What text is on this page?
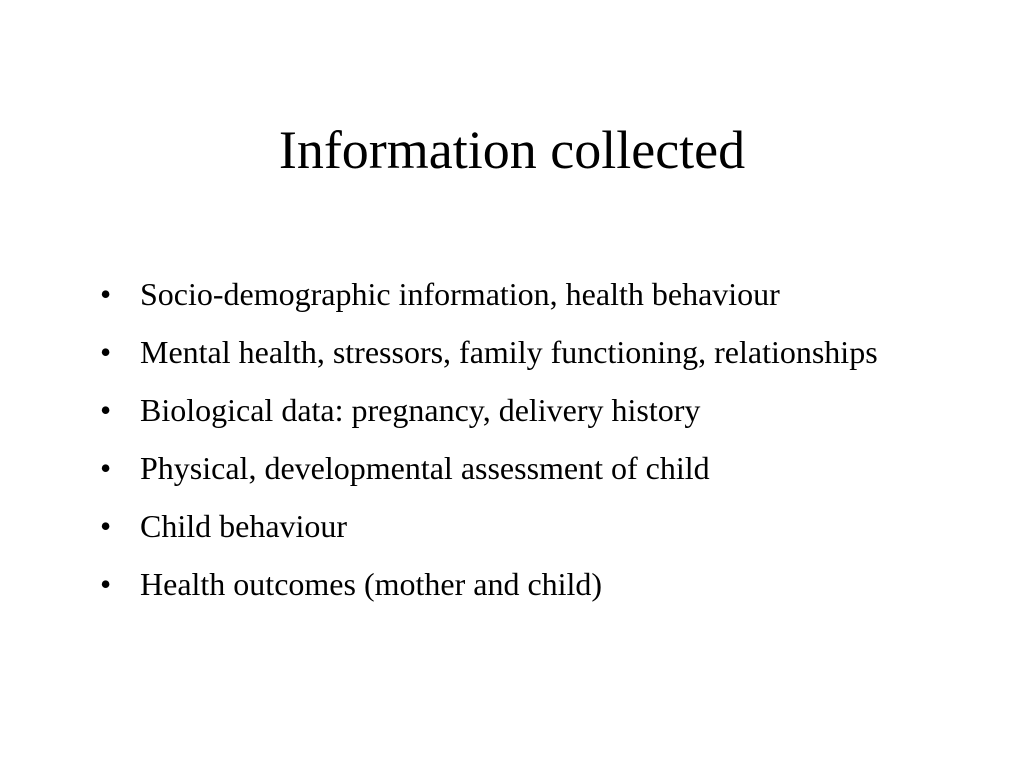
Information collected
• Socio-demographic information, health behaviour
• Mental health, stressors, family functioning, relationships
• Biological data: pregnancy, delivery history
• Physical, developmental assessment of child
• Child behaviour
• Health outcomes (mother and child)
